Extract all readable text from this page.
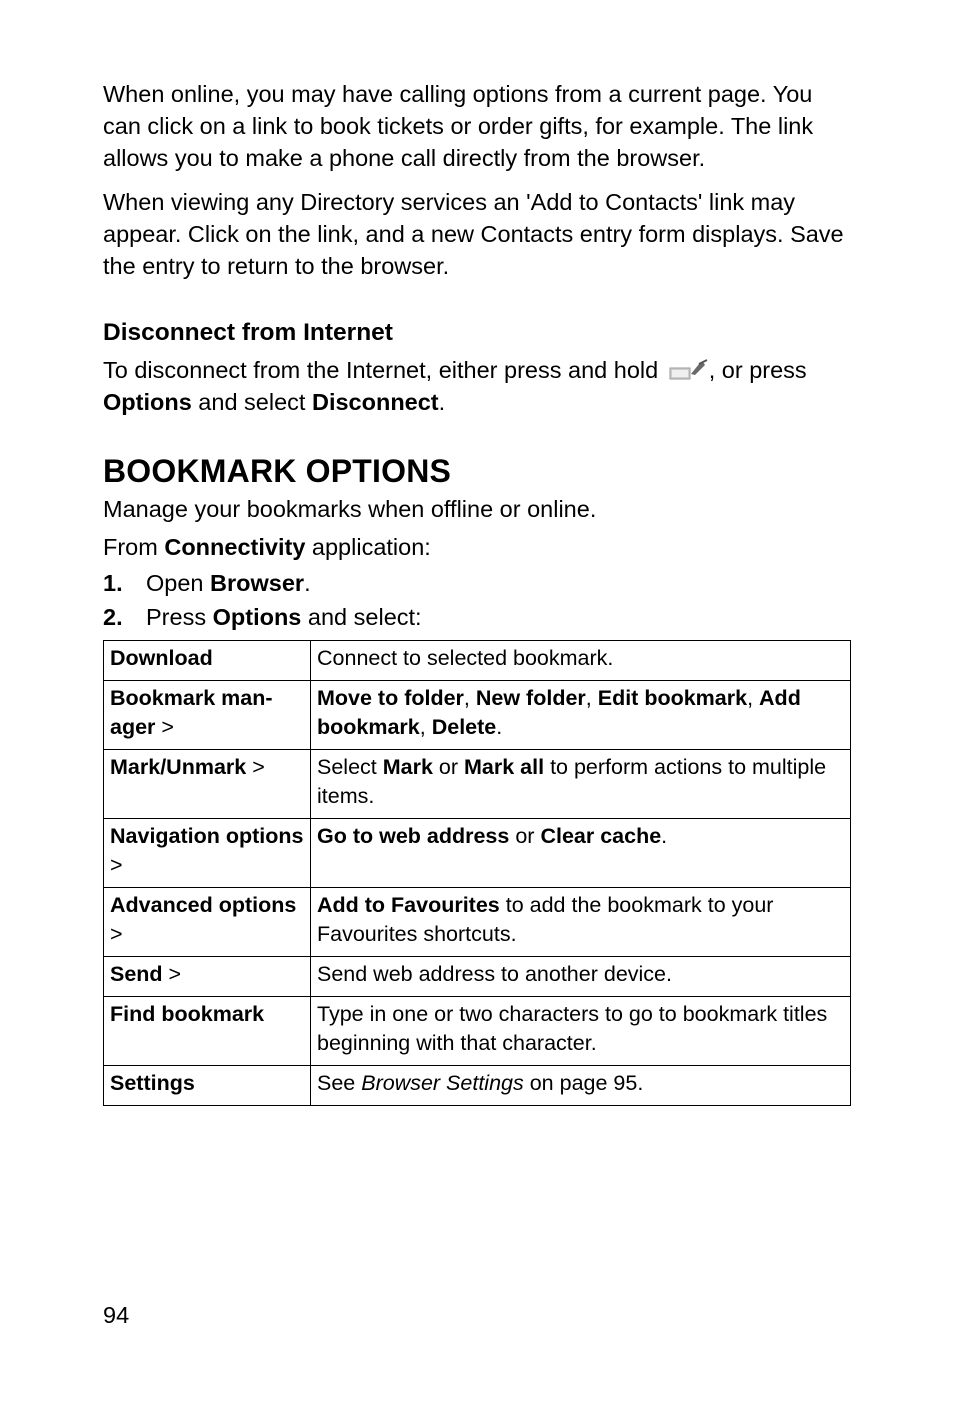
When online, you may have calling options from a current page. You can click on a link to book tickets or order gifts, for example. The link allows you to make a phone call directly from the browser.

When viewing any Directory services an 'Add to Contacts' link may appear. Click on the link, and a new Contacts entry form displays. Save the entry to return to the browser.

Disconnect from Internet

To disconnect from the Internet, either press and hold , or press Options and select Disconnect.

BOOKMARK OPTIONS

Manage your bookmarks when offline or online.

From Connectivity application:

1. Open Browser.
2. Press Options and select:
Download	Connect to selected bookmark.
Bookmark man-ager >	Move to folder, New folder, Edit bookmark, Add bookmark, Delete.
Mark/Unmark >	Select Mark or Mark all to perform actions to multiple items.
Navigation options >	Go to web address or Clear cache.
Advanced options >	Add to Favourites to add the bookmark to your Favourites shortcuts.
Send >	Send web address to another device.
Find bookmark	Type in one or two characters to go to bookmark titles beginning with that character.
Settings	See Browser Settings on page 95.
94
